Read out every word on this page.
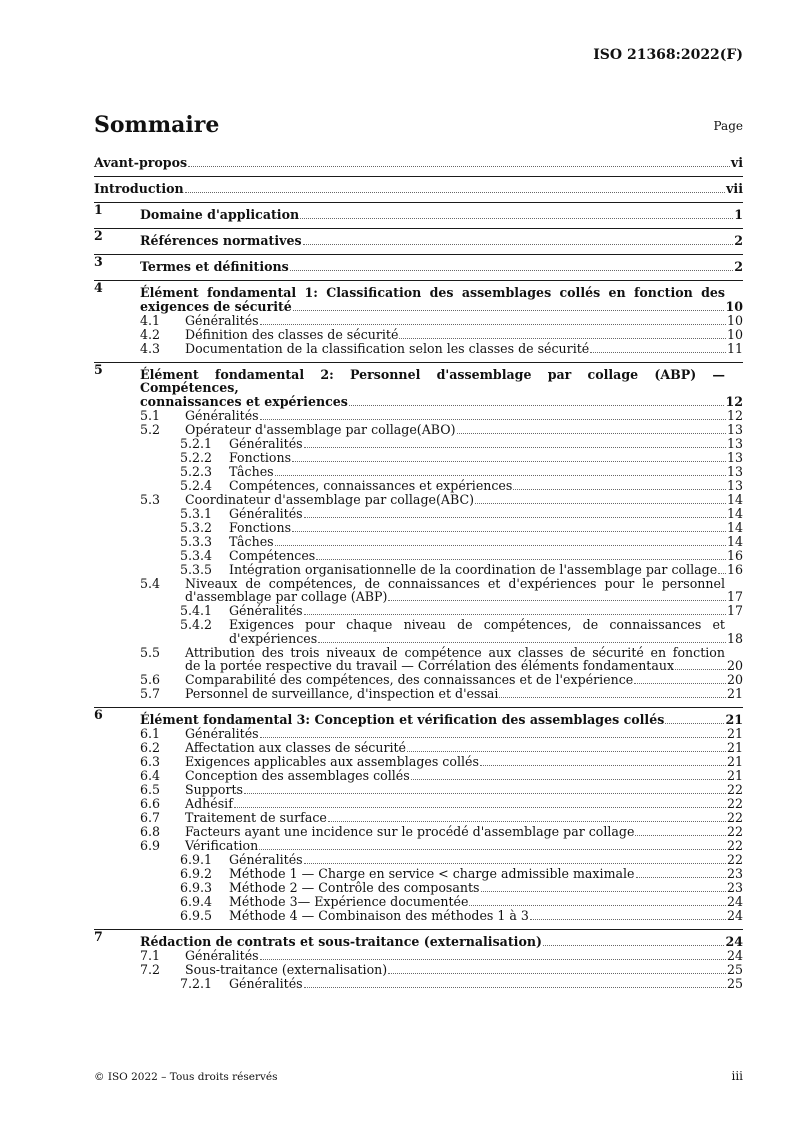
ISO 21368:2022(F)
Sommaire	Page
Avant-propos	vi
Introduction	vii
1	Domaine d'application	1
2	Références normatives	2
3	Termes et définitions	2
4	Élément fondamental 1: Classification des assemblages collés en fonction des
exigences de sécurité	10
4.1 Généralités	10
4.2 Définition des classes de sécurité	10
4.3 Documentation de la classification selon les classes de sécurité	11
5	Élément fondamental 2: Personnel d'assemblage par collage (ABP) — Compétences,
connaissances et expériences	12
5.1 Généralités	12
5.2 Opérateur d'assemblage par collage(ABO)	13
5.2.1 Généralités	13
5.2.2 Fonctions	13
5.2.3 Tâches	13
5.2.4 Compétences, connaissances et expériences	13
5.3 Coordinateur d'assemblage par collage(ABC)	14
5.3.1 Généralités	14
5.3.2 Fonctions	14
5.3.3 Tâches	14
5.3.4 Compétences	16
5.3.5 Intégration organisationnelle de la coordination de l'assemblage par collage 16
5.4 Niveaux de compétences, de connaissances et d'expériences pour le personnel
d'assemblage par collage (ABP)	17
5.4.1 Généralités	17
5.4.2 Exigences pour chaque niveau de compétences, de connaissances et
d'expériences	18
5.5 Attribution des trois niveaux de compétence aux classes de sécurité en fonction
de la portée respective du travail — Corrélation des éléments fondamentaux	20
5.6 Comparabilité des compétences, des connaissances et de l'expérience	20
5.7 Personnel de surveillance, d'inspection et d'essai	21
6	Élément fondamental 3: Conception et vérification des assemblages collés	21
6.1 Généralités	21
6.2 Affectation aux classes de sécurité	21
6.3 Exigences applicables aux assemblages collés	21
6.4 Conception des assemblages collés	21
6.5 Supports	22
6.6 Adhésif	22
6.7 Traitement de surface	22
6.8 Facteurs ayant une incidence sur le procédé d'assemblage par collage	22
6.9 Vérification	22
6.9.1 Généralités	22
6.9.2 Méthode 1 — Charge en service < charge admissible maximale	23
6.9.3 Méthode 2 — Contrôle des composants	23
6.9.4 Méthode 3— Expérience documentée	24
6.9.5 Méthode 4 — Combinaison des méthodes 1 à 3	24
7	Rédaction de contrats et sous-traitance (externalisation)	24
7.1 Généralités	24
7.2 Sous-traitance (externalisation)	25
7.2.1 Généralités	25
© ISO 2022 – Tous droits réservés	iii
